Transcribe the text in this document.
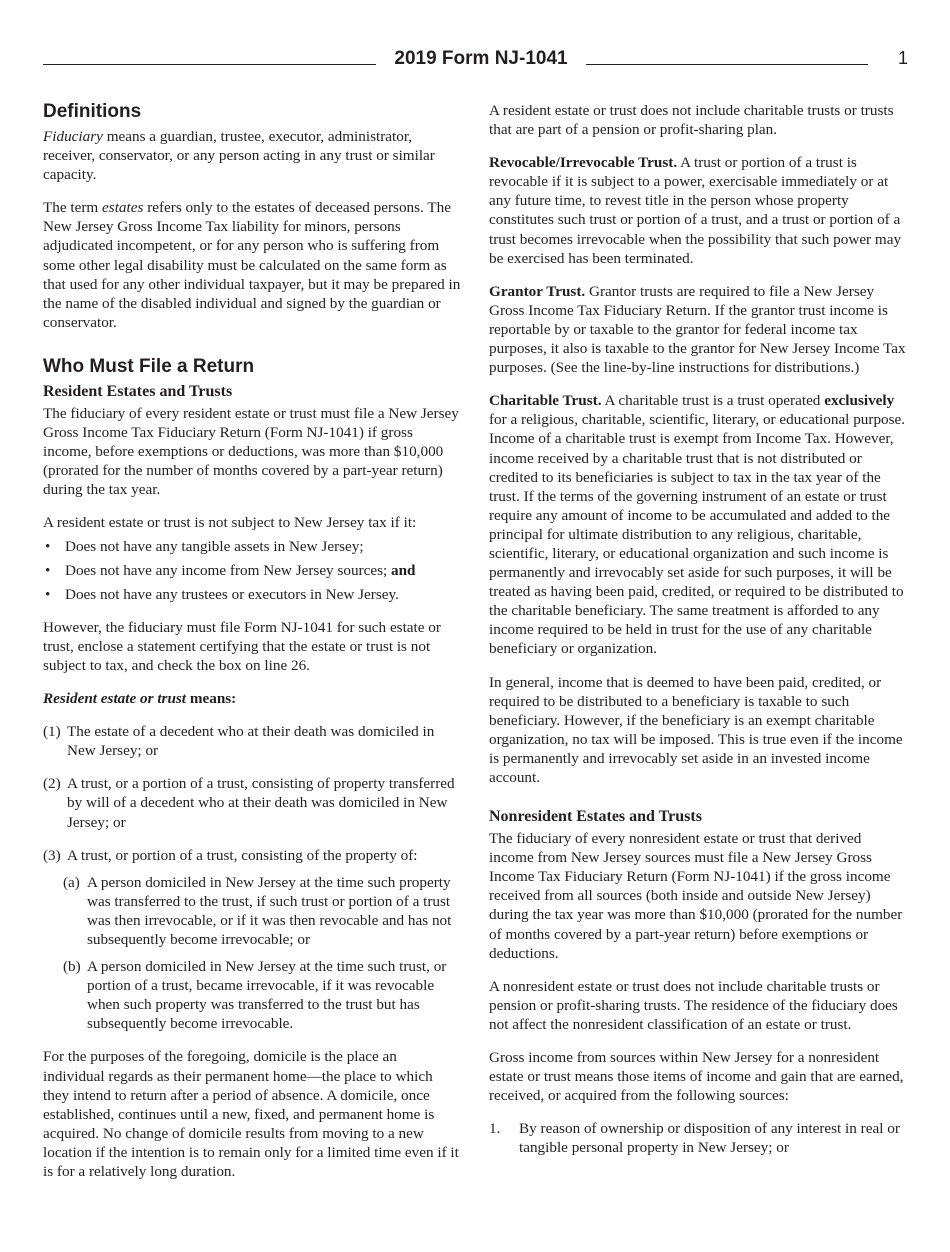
2019 Form NJ-1041	1
Definitions

Fiduciary means a guardian, trustee, executor, administrator, receiver, conservator, or any person acting in any trust or similar capacity.

The term estates refers only to the estates of deceased persons. The New Jersey Gross Income Tax liability for minors, persons adjudicated incompetent, or for any person who is suffering from some other legal disability must be calculated on the same form as that used for any other individual taxpayer, but it may be prepared in the name of the disabled individual and signed by the guardian or conservator.

Who Must File a Return
Resident Estates and Trusts

The fiduciary of every resident estate or trust must file a New Jersey Gross Income Tax Fiduciary Return (Form NJ-1041) if gross income, before exemptions or deductions, was more than $10,000 (prorated for the number of months covered by a part-year return) during the tax year.

A resident estate or trust is not subject to New Jersey tax if it:

• Does not have any tangible assets in New Jersey;
• Does not have any income from New Jersey sources; and
• Does not have any trustees or executors in New Jersey.

However, the fiduciary must file Form NJ-1041 for such estate or trust, enclose a statement certifying that the estate or trust is not subject to tax, and check the box on line 26.

Resident estate or trust means:

(1) The estate of a decedent who at their death was domiciled in New Jersey; or
(2) A trust, or a portion of a trust, consisting of property transferred by will of a decedent who at their death was domiciled in New Jersey; or
(3) A trust, or portion of a trust, consisting of the property of:
(a) A person domiciled in New Jersey at the time such property was transferred to the trust, if such trust or portion of a trust was then irrevocable, or if it was then revocable and has not subsequently become irrevocable; or
(b) A person domiciled in New Jersey at the time such trust, or portion of a trust, became irrevocable, if it was revocable when such property was transferred to the trust but has subsequently become irrevocable.

For the purposes of the foregoing, domicile is the place an individual regards as their permanent home—the place to which they intend to return after a period of absence. A domicile, once established, continues until a new, fixed, and permanent home is acquired. No change of domicile results from moving to a new location if the intention is to remain only for a limited time even if it is for a relatively long duration.

A resident estate or trust does not include charitable trusts or trusts that are part of a pension or profit-sharing plan.

Revocable/Irrevocable Trust. A trust or portion of a trust is revocable if it is subject to a power, exercisable immediately or at any future time, to revest title in the person whose property constitutes such trust or portion of a trust, and a trust or portion of a trust becomes irrevocable when the possibility that such power may be exercised has been terminated.

Grantor Trust. Grantor trusts are required to file a New Jersey Gross Income Tax Fiduciary Return. If the grantor trust income is reportable by or taxable to the grantor for federal income tax purposes, it also is taxable to the grantor for New Jersey Income Tax purposes. (See the line-by-line instructions for distributions.)

Charitable Trust. A charitable trust is a trust operated exclusively for a religious, charitable, scientific, literary, or educational purpose. Income of a charitable trust is exempt from Income Tax. However, income received by a charitable trust that is not distributed or credited to its beneficiaries is subject to tax in the tax year of the trust. If the terms of the governing instrument of an estate or trust require any amount of income to be accumulated and added to the principal for ultimate distribution to any religious, charitable, scientific, literary, or educational organization and such income is permanently and irrevocably set aside for such purposes, it will be treated as having been paid, credited, or required to be distributed to the charitable beneficiary. The same treatment is afforded to any income required to be held in trust for the use of any charitable beneficiary or organization.

In general, income that is deemed to have been paid, credited, or required to be distributed to a beneficiary is taxable to such beneficiary. However, if the beneficiary is an exempt charitable organization, no tax will be imposed. This is true even if the income is permanently and irrevocably set aside in an invested income account.

Nonresident Estates and Trusts

The fiduciary of every nonresident estate or trust that derived income from New Jersey sources must file a New Jersey Gross Income Tax Fiduciary Return (Form NJ-1041) if the gross income received from all sources (both inside and outside New Jersey) during the tax year was more than $10,000 (prorated for the number of months covered by a part-year return) before exemptions or deductions.

A nonresident estate or trust does not include charitable trusts or pension or profit-sharing trusts. The residence of the fiduciary does not affect the nonresident classification of an estate or trust.

Gross income from sources within New Jersey for a nonresident estate or trust means those items of income and gain that are earned, received, or acquired from the following sources:

1. By reason of ownership or disposition of any interest in real or tangible personal property in New Jersey; or
